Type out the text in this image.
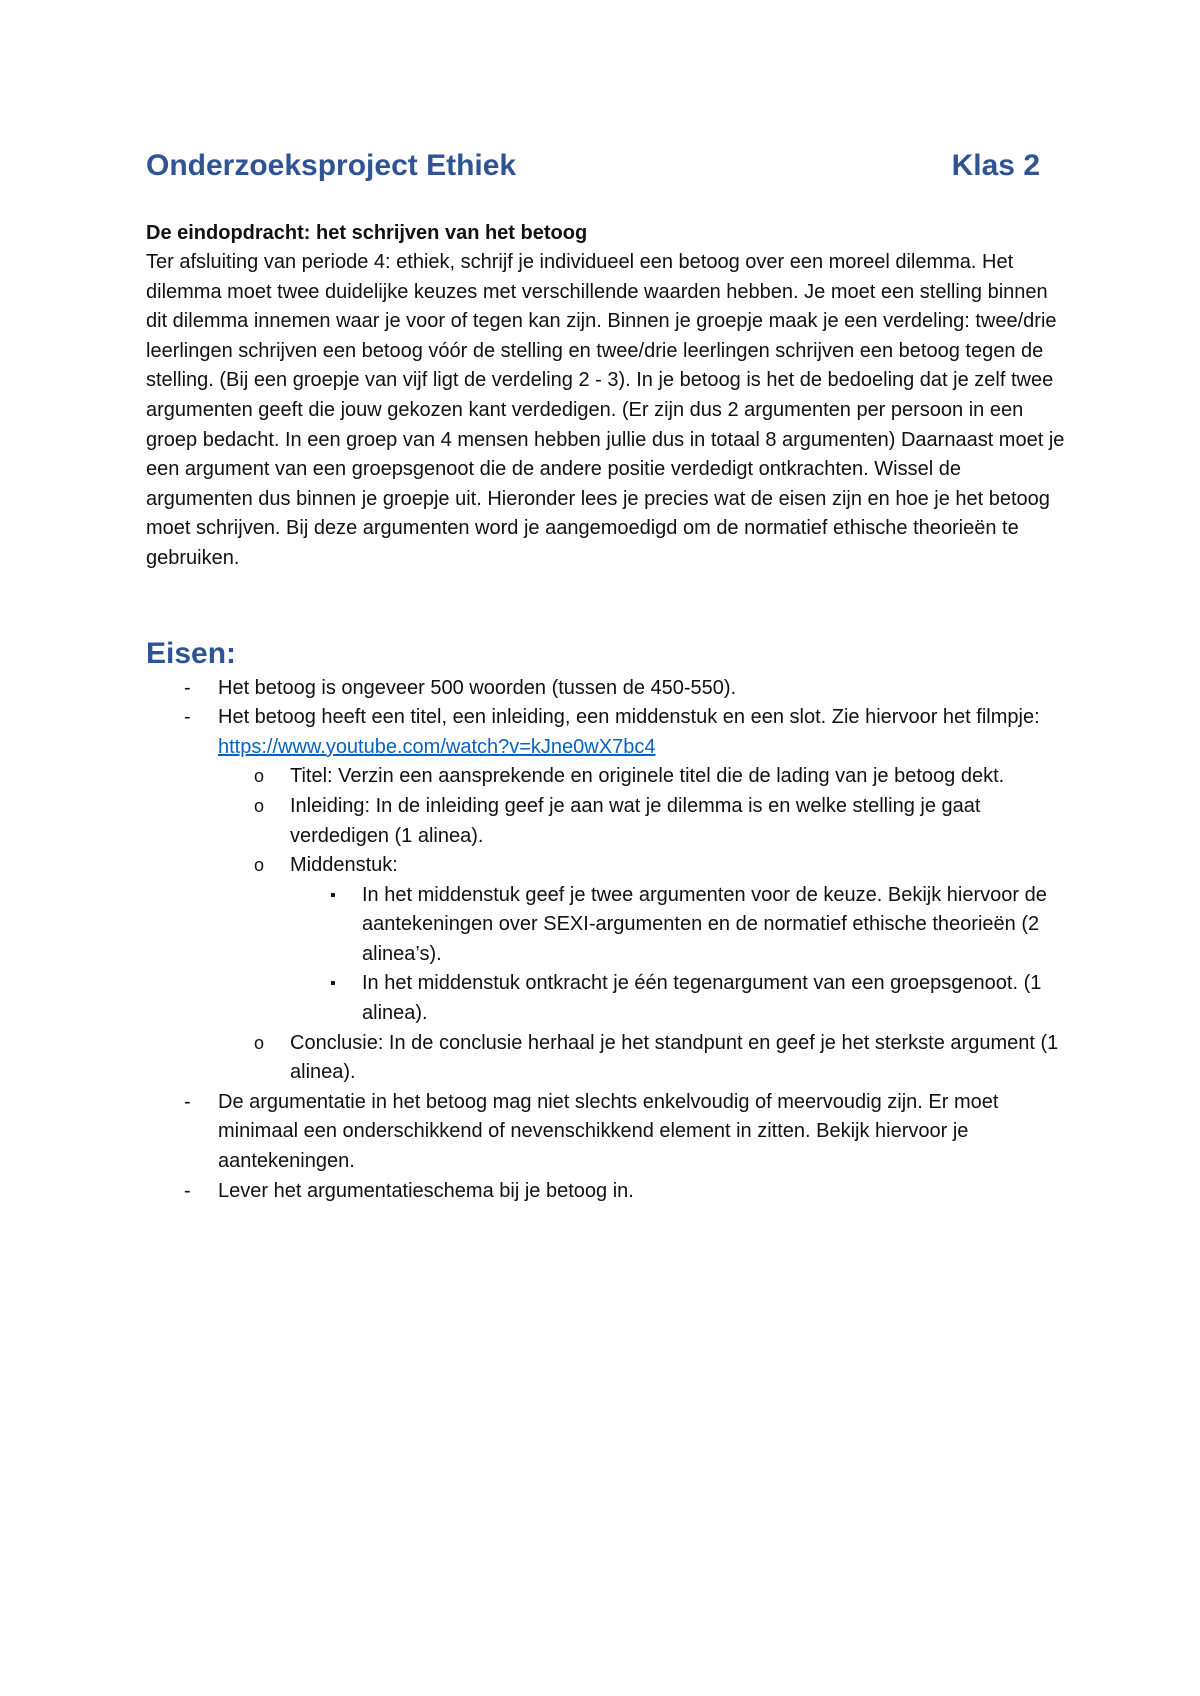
Onderzoeksproject Ethiek	Klas 2

De eindopdracht: het schrijven van het betoog

Ter afsluiting van periode 4: ethiek, schrijf je individueel een betoog over een moreel dilemma. Het dilemma moet twee duidelijke keuzes met verschillende waarden hebben. Je moet een stelling binnen dit dilemma innemen waar je voor of tegen kan zijn. Binnen je groepje maak je een verdeling: twee/drie leerlingen schrijven een betoog vóór de stelling en twee/drie leerlingen schrijven een betoog tegen de stelling. (Bij een groepje van vijf ligt de verdeling 2 - 3). In je betoog is het de bedoeling dat je zelf twee argumenten geeft die jouw gekozen kant verdedigen. (Er zijn dus 2 argumenten per persoon in een groep bedacht. In een groep van 4 mensen hebben jullie dus in totaal 8 argumenten) Daarnaast moet je een argument van een groepsgenoot die de andere positie verdedigt ontkrachten. Wissel de argumenten dus binnen je groepje uit. Hieronder lees je precies wat de eisen zijn en hoe je het betoog moet schrijven. Bij deze argumenten word je aangemoedigd om de normatief ethische theorieën te gebruiken.

Eisen:
- Het betoog is ongeveer 500 woorden (tussen de 450-550).
- Het betoog heeft een titel, een inleiding, een middenstuk en een slot. Zie hiervoor het filmpje: https://www.youtube.com/watch?v=kJne0wX7bc4
o Titel: Verzin een aansprekende en originele titel die de lading van je betoog dekt.
o Inleiding: In de inleiding geef je aan wat je dilemma is en welke stelling je gaat verdedigen (1 alinea).
o Middenstuk:
▪ In het middenstuk geef je twee argumenten voor de keuze. Bekijk hiervoor de aantekeningen over SEXI-argumenten en de normatief ethische theorieën (2 alinea’s).
▪ In het middenstuk ontkracht je één tegenargument van een groepsgenoot. (1 alinea).
o Conclusie: In de conclusie herhaal je het standpunt en geef je het sterkste argument (1 alinea).
- De argumentatie in het betoog mag niet slechts enkelvoudig of meervoudig zijn. Er moet minimaal een onderschikkend of nevenschikkend element in zitten. Bekijk hiervoor je aantekeningen.
- Lever het argumentatieschema bij je betoog in.
